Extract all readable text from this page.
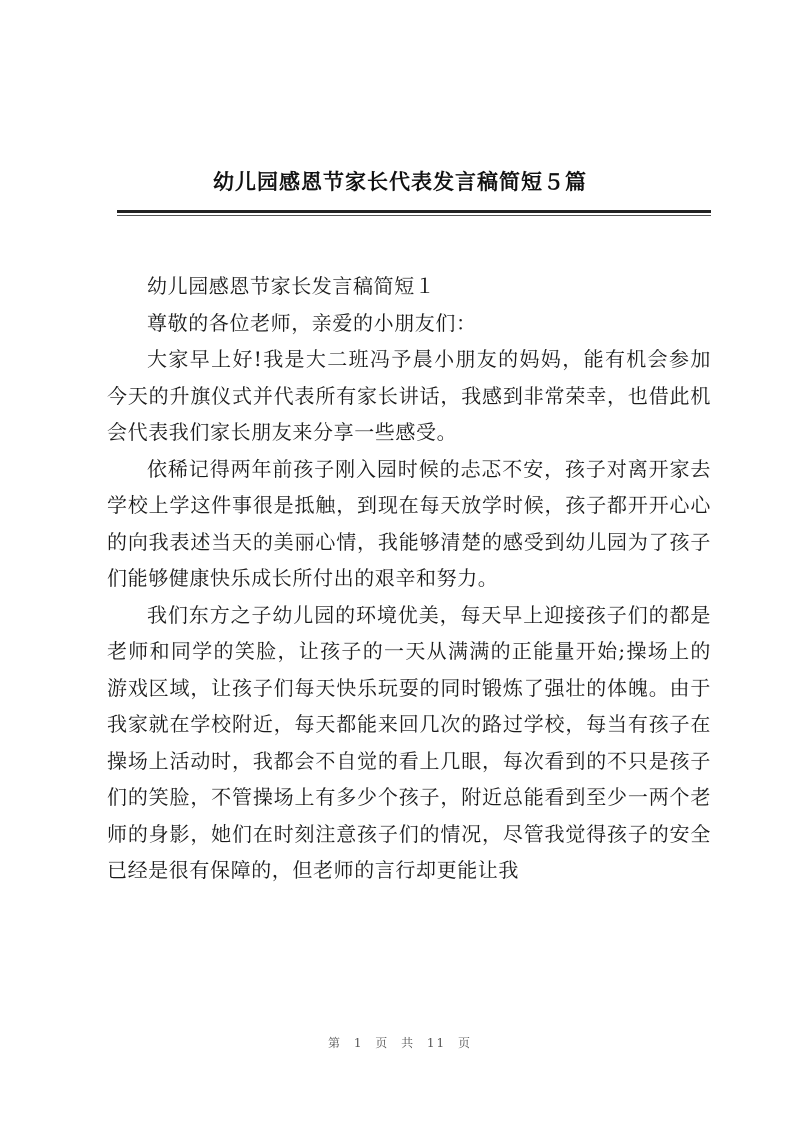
幼儿园感恩节家长代表发言稿简短５篇

幼儿园感恩节家长发言稿简短１

尊敬的各位老师，亲爱的小朋友们：

大家早上好!我是大二班冯予晨小朋友的妈妈，能有机会参加今天的升旗仪式并代表所有家长讲话，我感到非常荣幸，也借此机会代表我们家长朋友来分享一些感受。

依稀记得两年前孩子刚入园时候的忐忑不安，孩子对离开家去学校上学这件事很是抵触，到现在每天放学时候，孩子都开开心心的向我表述当天的美丽心情，我能够清楚的感受到幼儿园为了孩子们能够健康快乐成长所付出的艰辛和努力。

我们东方之子幼儿园的环境优美，每天早上迎接孩子们的都是老师和同学的笑脸，让孩子的一天从满满的正能量开始;操场上的游戏区域，让孩子们每天快乐玩耍的同时锻炼了强壮的体魄。由于我家就在学校附近，每天都能来回几次的路过学校，每当有孩子在操场上活动时，我都会不自觉的看上几眼，每次看到的不只是孩子们的笑脸，不管操场上有多少个孩子，附近总能看到至少一两个老师的身影，她们在时刻注意孩子们的情况，尽管我觉得孩子的安全已经是很有保障的，但老师的言行却更能让我

第 1 页 共 11 页
